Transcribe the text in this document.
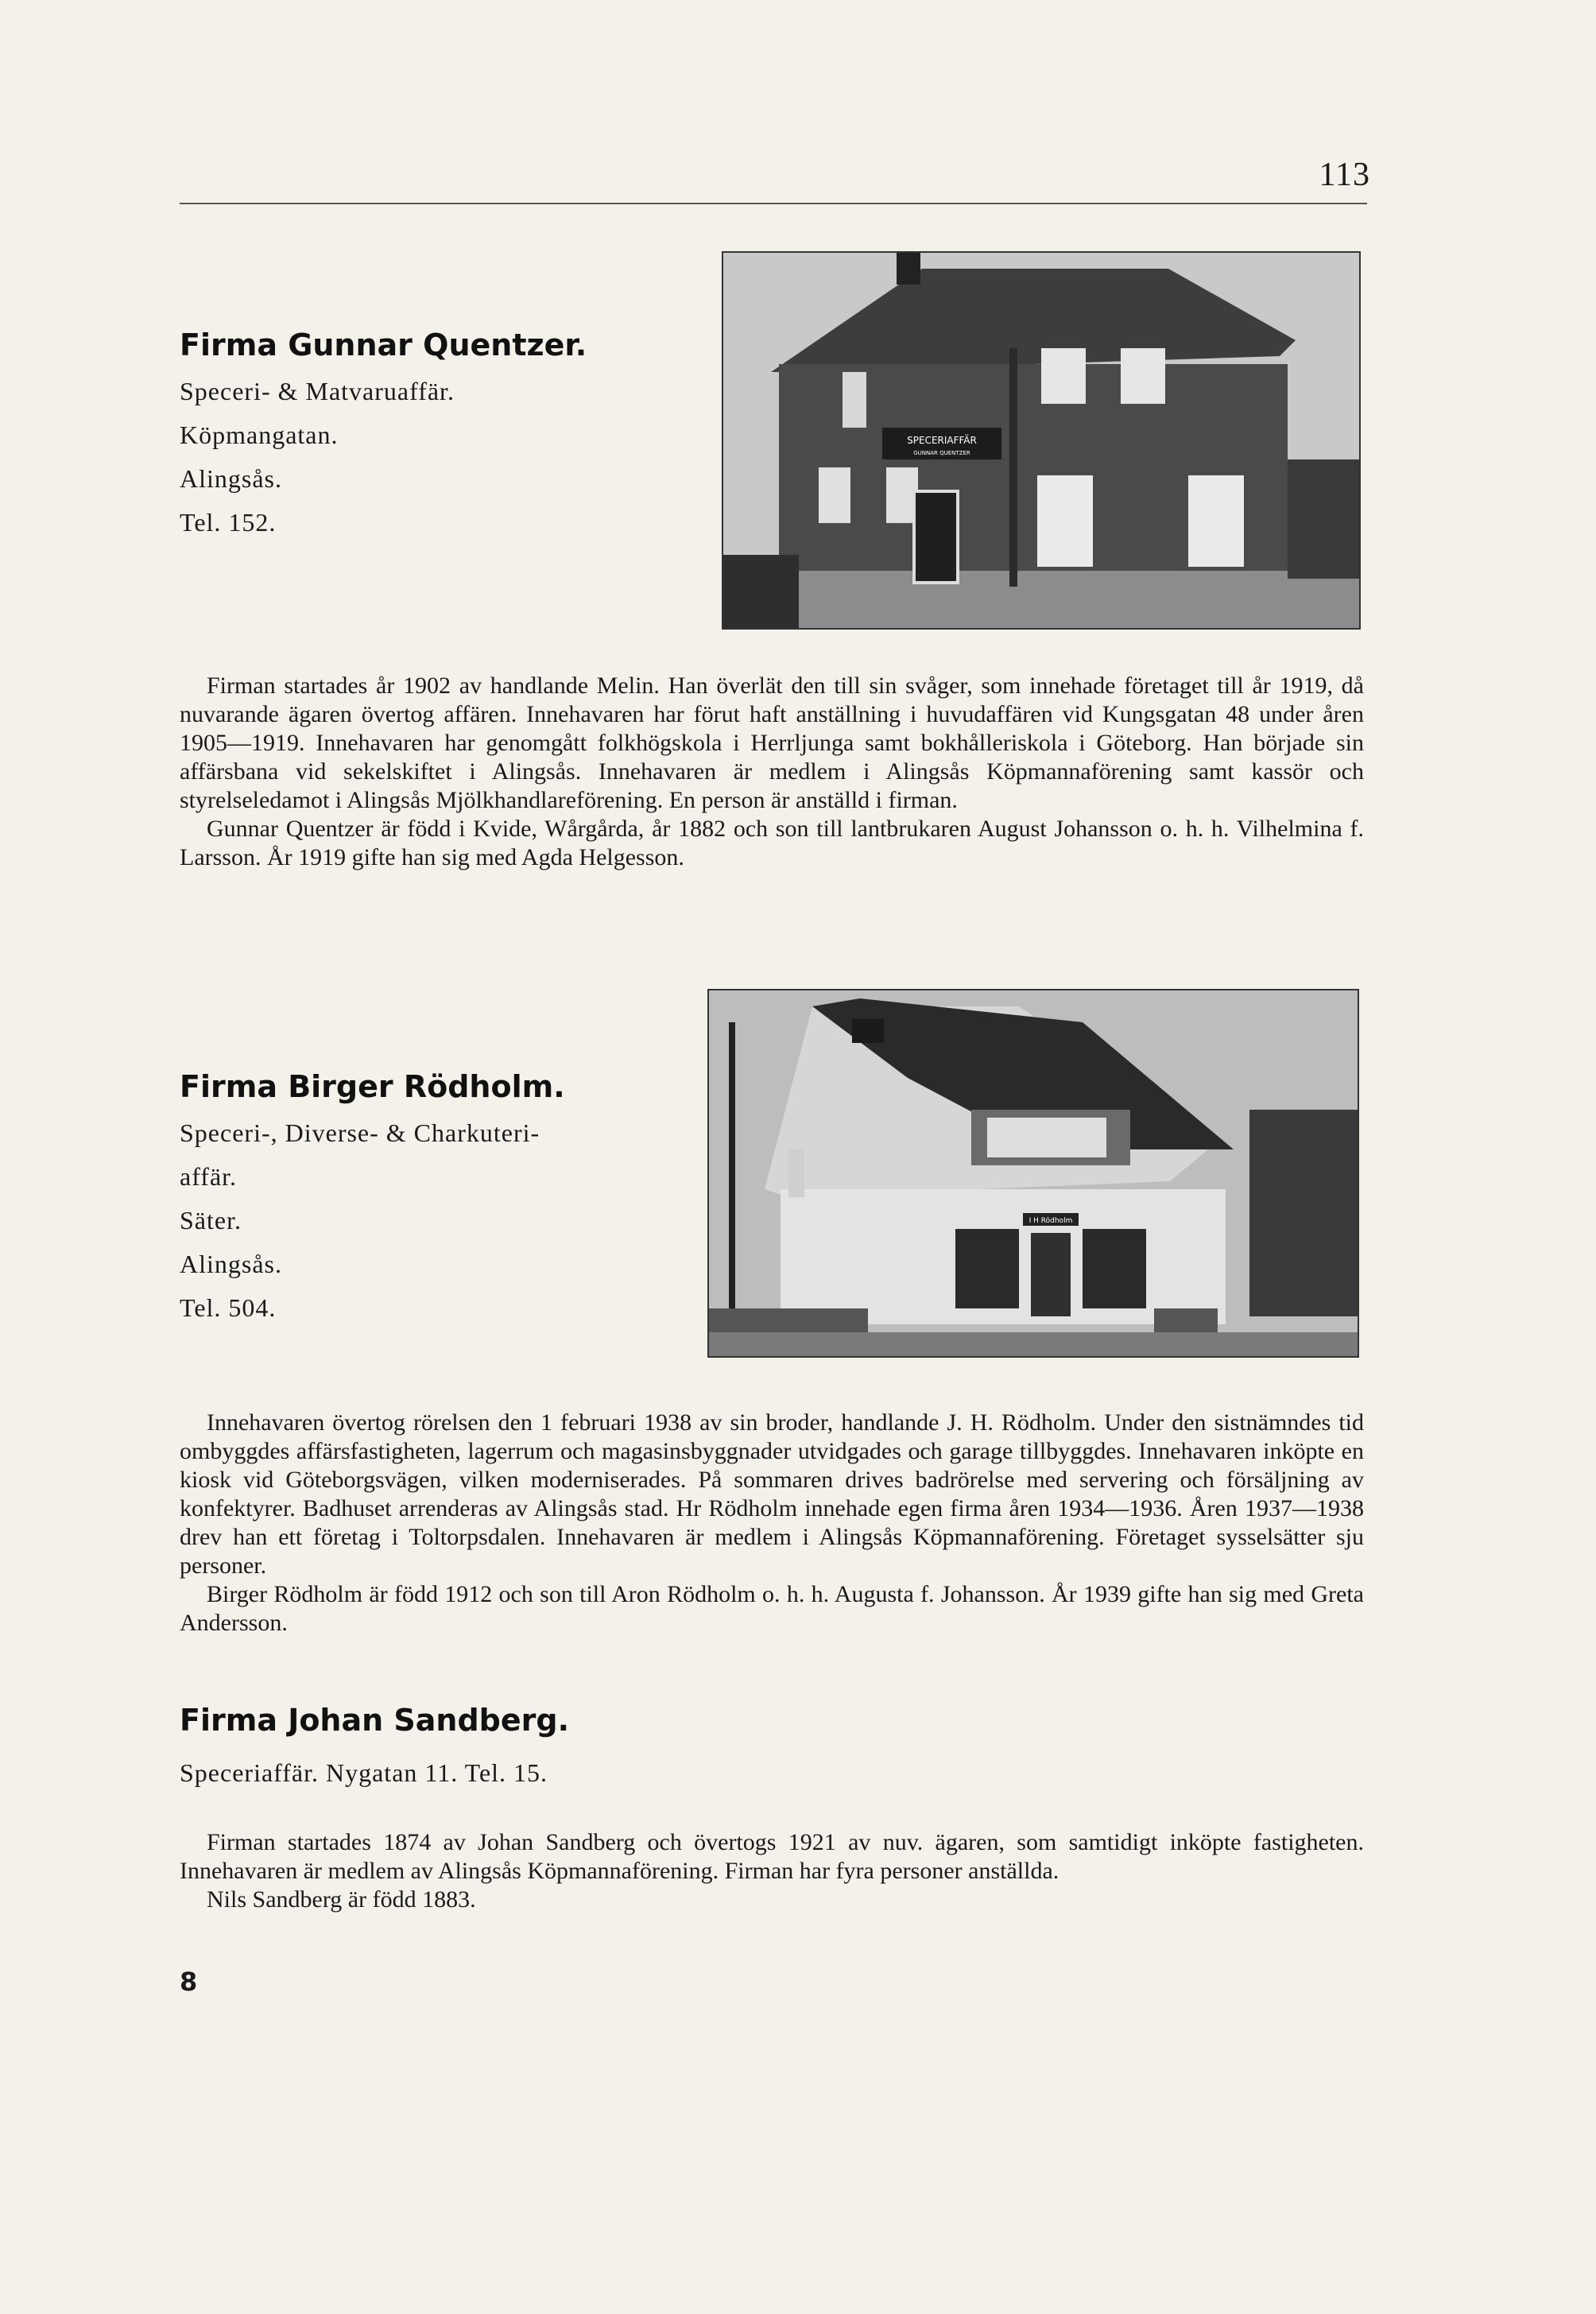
113
Firma Gunnar Quentzer.
Speceri- & Matvaruaffär.
Köpmangatan.
Alingsås.
Tel. 152.
SPECERIAFFÄR
GUNNAR QUENTZER

Firman startades år 1902 av handlande Melin. Han överlät den till sin svåger, som innehade företaget till år 1919, då nuvarande ägaren övertog affären. Innehavaren har förut haft anställning i huvudaffären vid Kungsgatan 48 under åren 1905—1919. Innehavaren har genomgått folkhögskola i Herrljunga samt bokhålleriskola i Göteborg. Han började sin affärsbana vid sekelskiftet i Alingsås. Innehavaren är medlem i Alingsås Köpmannaförening samt kassör och styrelseledamot i Alingsås Mjölkhandlareförening. En person är anställd i firman.

Gunnar Quentzer är född i Kvide, Wårgårda, år 1882 och son till lantbrukaren August Johansson o. h. h. Vilhelmina f. Larsson. År 1919 gifte han sig med Agda Helgesson.

Firma Birger Rödholm.
Speceri-, Diverse- & Charkuteri-
affär.
Säter.
Alingsås.
Tel. 504.
I H Rödholm

Innehavaren övertog rörelsen den 1 februari 1938 av sin broder, handlande J. H. Rödholm. Under den sistnämndes tid ombyggdes affärsfastigheten, lagerrum och magasinsbyggnader utvidgades och garage tillbyggdes. Innehavaren inköpte en kiosk vid Göteborgsvägen, vilken moderniserades. På sommaren drives badrörelse med servering och försäljning av konfektyrer. Badhuset arrenderas av Alingsås stad. Hr Rödholm innehade egen firma åren 1934—1936. Åren 1937—1938 drev han ett företag i Toltorpsdalen. Innehavaren är medlem i Alingsås Köpmannaförening. Företaget sysselsätter sju personer.

Birger Rödholm är född 1912 och son till Aron Rödholm o. h. h. Augusta f. Johansson. År 1939 gifte han sig med Greta Andersson.

Firma Johan Sandberg.
Speceriaffär. Nygatan 11. Tel. 15.

Firman startades 1874 av Johan Sandberg och övertogs 1921 av nuv. ägaren, som samtidigt inköpte fastigheten. Innehavaren är medlem av Alingsås Köpmannaförening. Firman har fyra personer anställda.

Nils Sandberg är född 1883.

8
